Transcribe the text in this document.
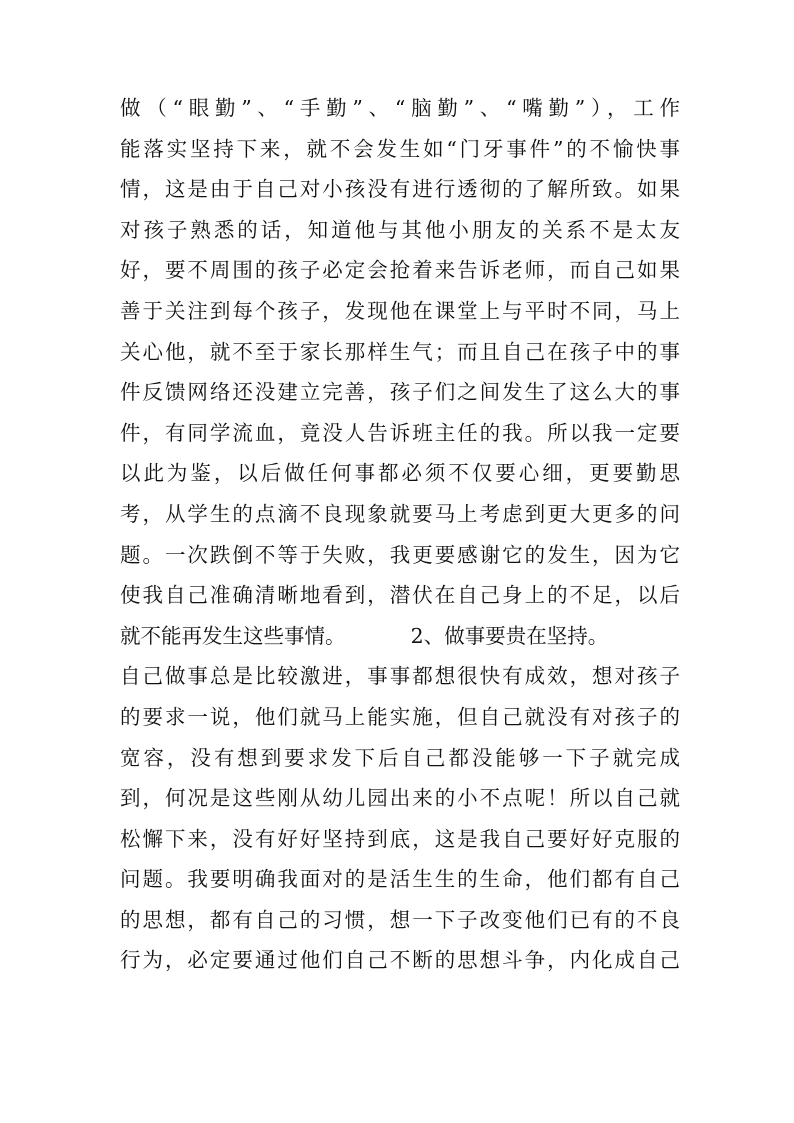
做（“眼勤”、“手勤”、“脑勤”、“嘴勤”），工作
能落实坚持下来，就不会发生如“门牙事件”的不愉快事
情，这是由于自己对小孩没有进行透彻的了解所致。如果
对孩子熟悉的话，知道他与其他小朋友的关系不是太友
好，要不周围的孩子必定会抢着来告诉老师，而自己如果
善于关注到每个孩子，发现他在课堂上与平时不同，马上
关心他，就不至于家长那样生气；而且自己在孩子中的事
件反馈网络还没建立完善，孩子们之间发生了这么大的事
件，有同学流血，竟没人告诉班主任的我。所以我一定要
以此为鉴，以后做任何事都必须不仅要心细，更要勤思
考，从学生的点滴不良现象就要马上考虑到更大更多的问
题。一次跌倒不等于失败，我更要感谢它的发生，因为它
使我自己准确清晰地看到，潜伏在自己身上的不足，以后
就不能再发生这些事情。          2、做事要贵在坚持。
自己做事总是比较激进，事事都想很快有成效，想对孩子
的要求一说，他们就马上能实施，但自己就没有对孩子的
宽容，没有想到要求发下后自己都没能够一下子就完成
到，何况是这些刚从幼儿园出来的小不点呢！所以自己就
松懈下来，没有好好坚持到底，这是我自己要好好克服的
问题。我要明确我面对的是活生生的生命，他们都有自己
的思想，都有自己的习惯，想一下子改变他们已有的不良
行为，必定要通过他们自己不断的思想斗争，内化成自己
